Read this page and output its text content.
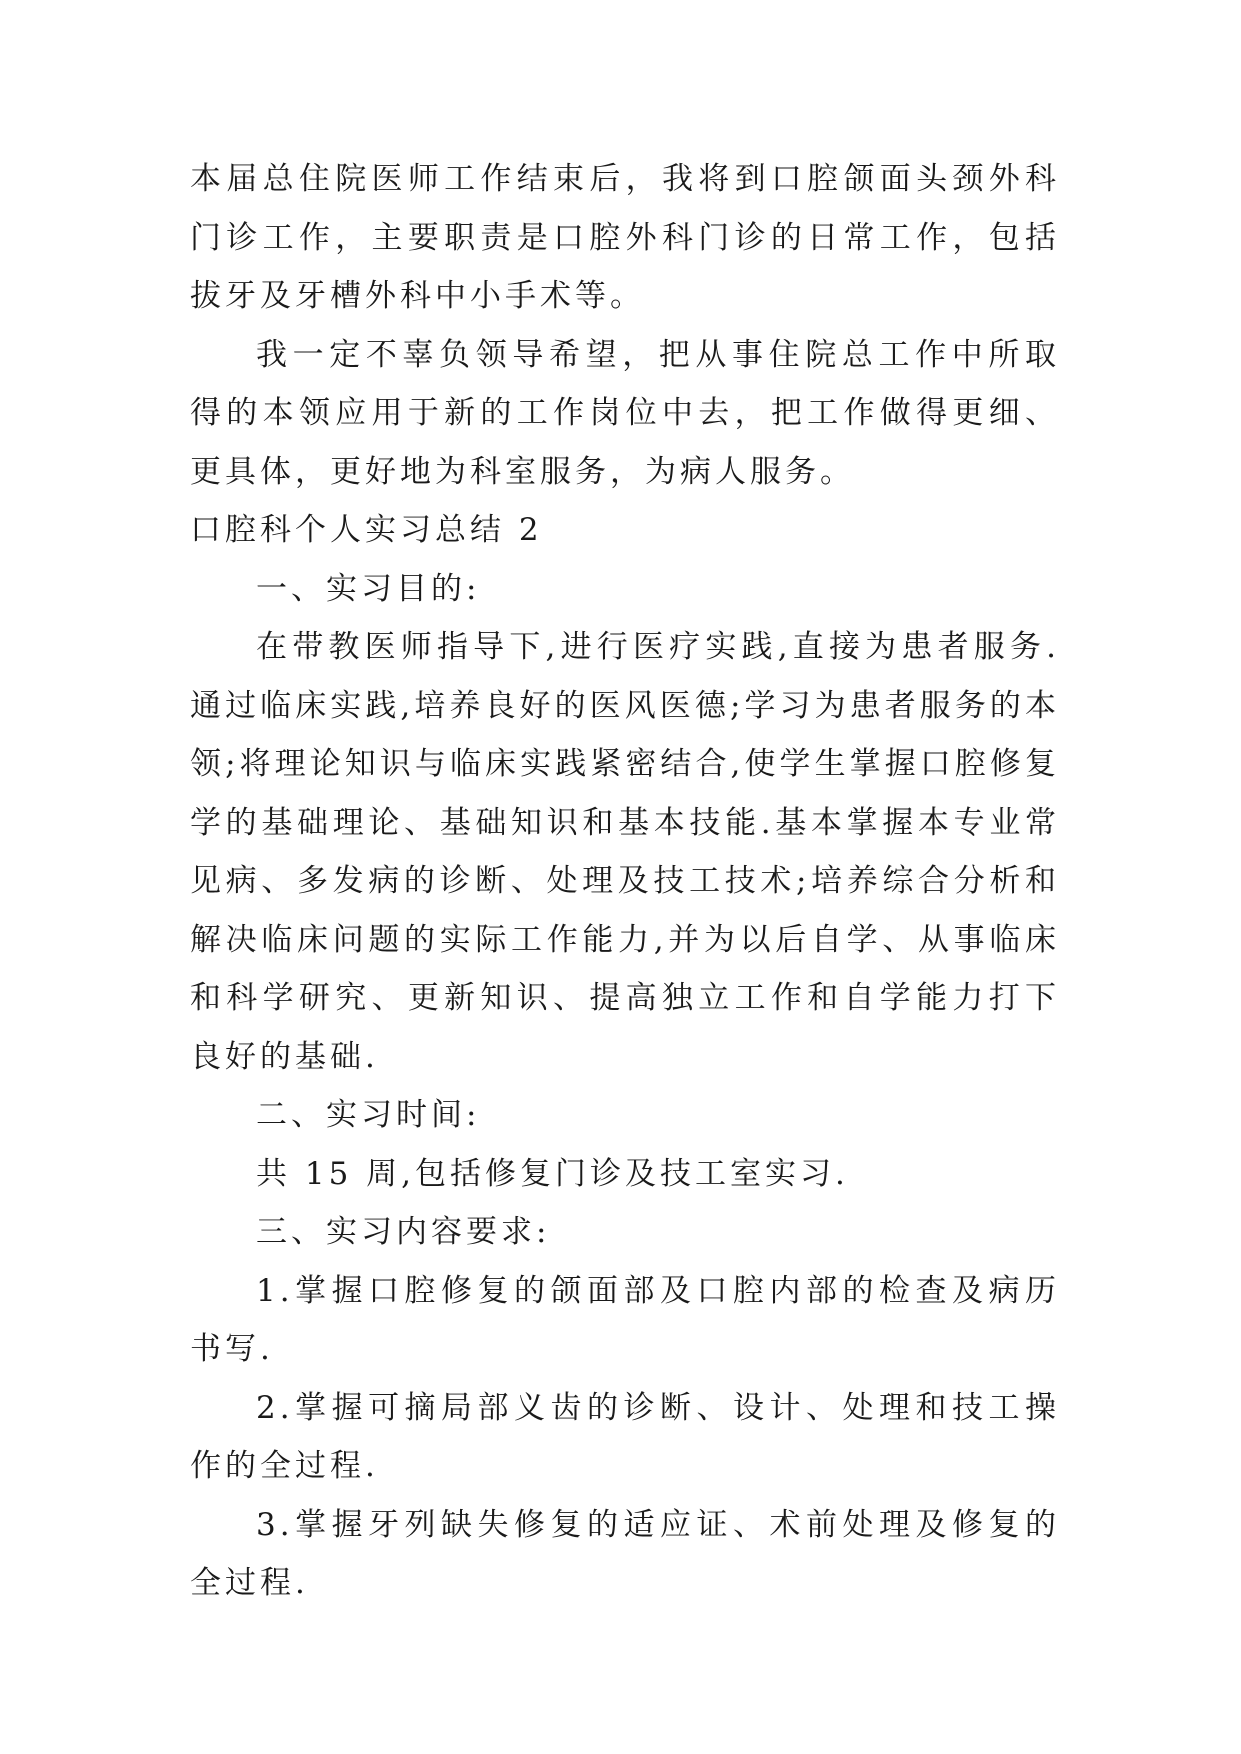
本届总住院医师工作结束后，我将到口腔颌面头颈外科门诊工作，主要职责是口腔外科门诊的日常工作，包括拔牙及牙槽外科中小手术等。

我一定不辜负领导希望，把从事住院总工作中所取得的本领应用于新的工作岗位中去，把工作做得更细、更具体，更好地为科室服务，为病人服务。

口腔科个人实习总结 2

一、实习目的:

在带教医师指导下,进行医疗实践,直接为患者服务.通过临床实践,培养良好的医风医德;学习为患者服务的本领;将理论知识与临床实践紧密结合,使学生掌握口腔修复学的基础理论、基础知识和基本技能.基本掌握本专业常见病、多发病的诊断、处理及技工技术;培养综合分析和解决临床问题的实际工作能力,并为以后自学、从事临床和科学研究、更新知识、提高独立工作和自学能力打下良好的基础.

二、实习时间:

共 15 周,包括修复门诊及技工室实习.

三、实习内容要求:

1.掌握口腔修复的颌面部及口腔内部的检查及病历书写.

2.掌握可摘局部义齿的诊断、设计、处理和技工操作的全过程.

3.掌握牙列缺失修复的适应证、术前处理及修复的全过程.
